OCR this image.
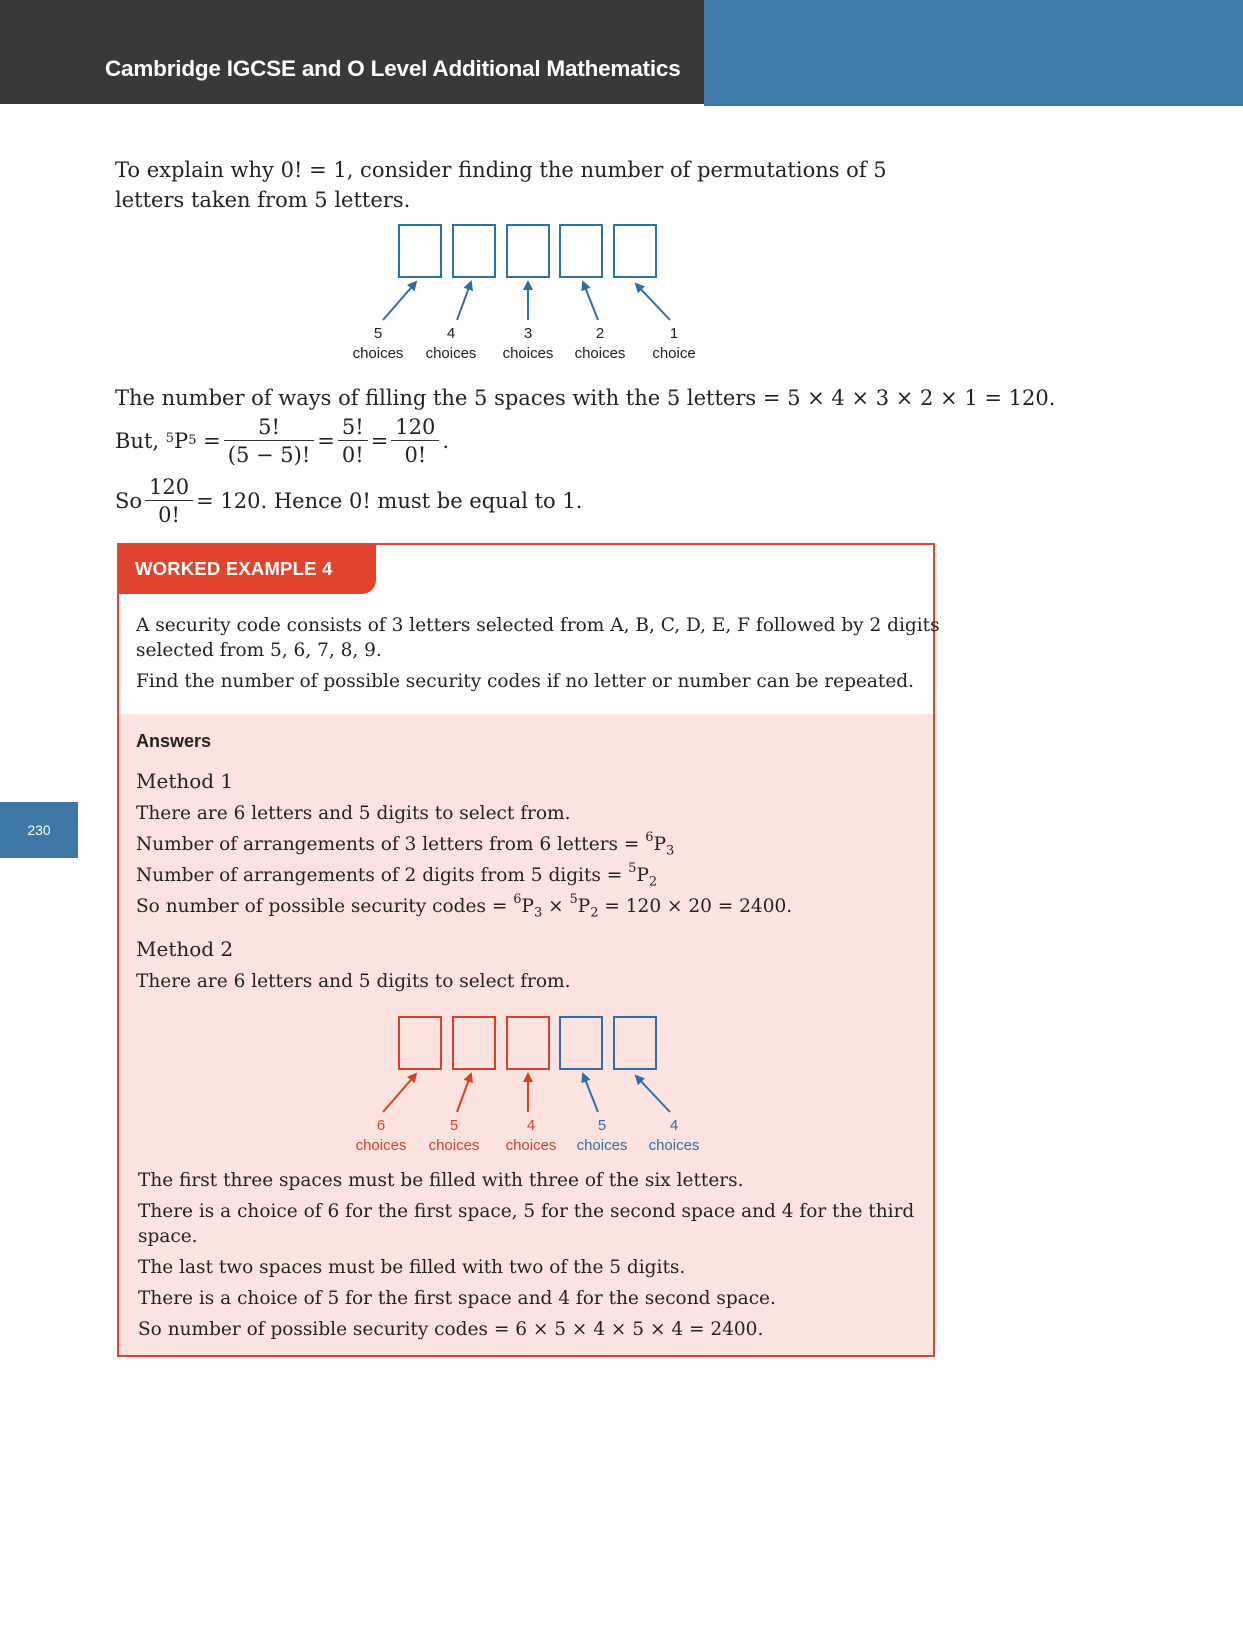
Cambridge IGCSE and O Level Additional Mathematics
230
To explain why 0! = 1, consider finding the number of permutations of 5
letters taken from 5 letters.
5
choices
4
choices
3
choices
2
choices
1
choice
The number of ways of filling the 5 spaces with the 5 letters = 5 × 4 × 3 × 2 × 1 = 120.
But,
$^5$ P 5
= $\frac{5!}{(5 - 5)!} = \frac{5!}{0!} = \frac{120}{0!}$ .
So $\frac{120}{0!} = 120$. Hence 0! must be equal to 1.
WORKED EXAMPLE 4
A security code consists of 3 letters selected from A, B, C, D, E, F followed by 2 digits
selected from 5, 6, 7, 8, 9.
Find the number of possible security codes if no letter or number can be repeated.
Answers
Method 1
There are 6 letters and 5 digits to select from.
Number of arrangements of 3 letters from 6 letters = $^6P_3$
Number of arrangements of 2 digits from 5 digits = $^5P_2$
So number of possible security codes = $^6P_3 \times ^5P_2 = 120 \times 20 = 2400$.
Method 2
There are 6 letters and 5 digits to select from.
6
choices
5
choices
4
choices
5
choices
4
choices
The first three spaces must be filled with three of the six letters.
There is a choice of 6 for the first space, 5 for the second space and 4 for the third
space.
The last two spaces must be filled with two of the 5 digits.
There is a choice of 5 for the first space and 4 for the second space.
So number of possible security codes = 6 × 5 × 4 × 5 × 4 = 2400.
